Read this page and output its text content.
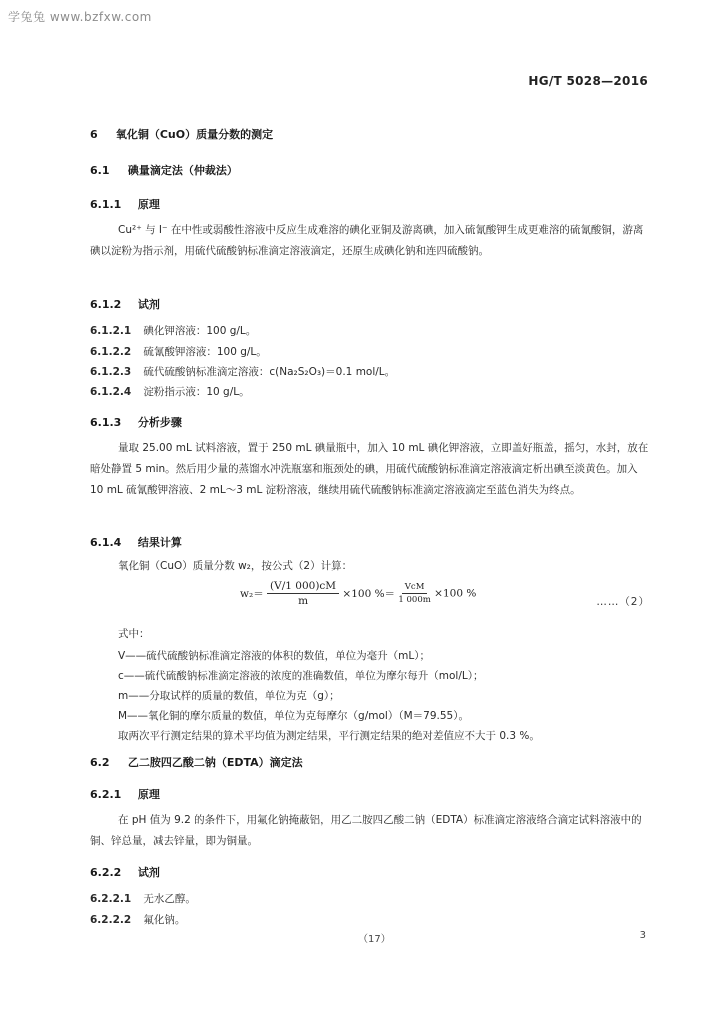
学兔兔 www.bzfxw.com
HG/T 5028—2016
6 氧化铜（CuO）质量分数的测定
6.1 碘量滴定法（仲裁法）
6.1.1 原理
Cu²⁺ 与 I⁻ 在中性或弱酸性溶液中反应生成难溶的碘化亚铜及游离碘，加入硫氰酸钾生成更难溶的硫氰酸铜，游离碘以淀粉为指示剂，用硫代硫酸钠标准滴定溶液滴定，还原生成碘化钠和连四硫酸钠。
6.1.2 试剂
6.1.2.1 碘化钾溶液：100 g/L。
6.1.2.2 硫氰酸钾溶液：100 g/L。
6.1.2.3 硫代硫酸钠标准滴定溶液：c(Na₂S₂O₃)＝0.1 mol/L。
6.1.2.4 淀粉指示液：10 g/L。
6.1.3 分析步骤
量取 25.00 mL 试料溶液，置于 250 mL 碘量瓶中，加入 10 mL 碘化钾溶液，立即盖好瓶盖，摇匀，水封，放在暗处静置 5 min。然后用少量的蒸馏水冲洗瓶塞和瓶颈处的碘，用硫代硫酸钠标准滴定溶液滴定析出碘至淡黄色。加入 10 mL 硫氰酸钾溶液、2 mL～3 mL 淀粉溶液，继续用硫代硫酸钠标准滴定溶液滴定至蓝色消失为终点。
6.1.4 结果计算
氧化铜（CuO）质量分数 w₂，按公式（2）计算：
$w_2= \frac{(V/1 000)cM}{m} \times 100$ %＝ $\frac{\text{VcM}}{1 000m} \times 100$ %
……（2）
式中：
V——硫代硫酸钠标准滴定溶液的体积的数值，单位为毫升（mL）；
c——硫代硫酸钠标准滴定溶液的浓度的准确数值，单位为摩尔每升（mol/L）；
m——分取试样的质量的数值，单位为克（g）；
M——氧化铜的摩尔质量的数值，单位为克每摩尔（g/mol）（M＝79.55）。
取两次平行测定结果的算术平均值为测定结果，平行测定结果的绝对差值应不大于 0.3 %。
6.2 乙二胺四乙酸二钠（EDTA）滴定法
6.2.1 原理
在 pH 值为 9.2 的条件下，用氟化钠掩蔽铝，用乙二胺四乙酸二钠（EDTA）标准滴定溶液络合滴定试料溶液中的铜、锌总量，减去锌量，即为铜量。
6.2.2 试剂
6.2.2.1 无水乙醇。
6.2.2.2 氟化钠。
（17）	3
